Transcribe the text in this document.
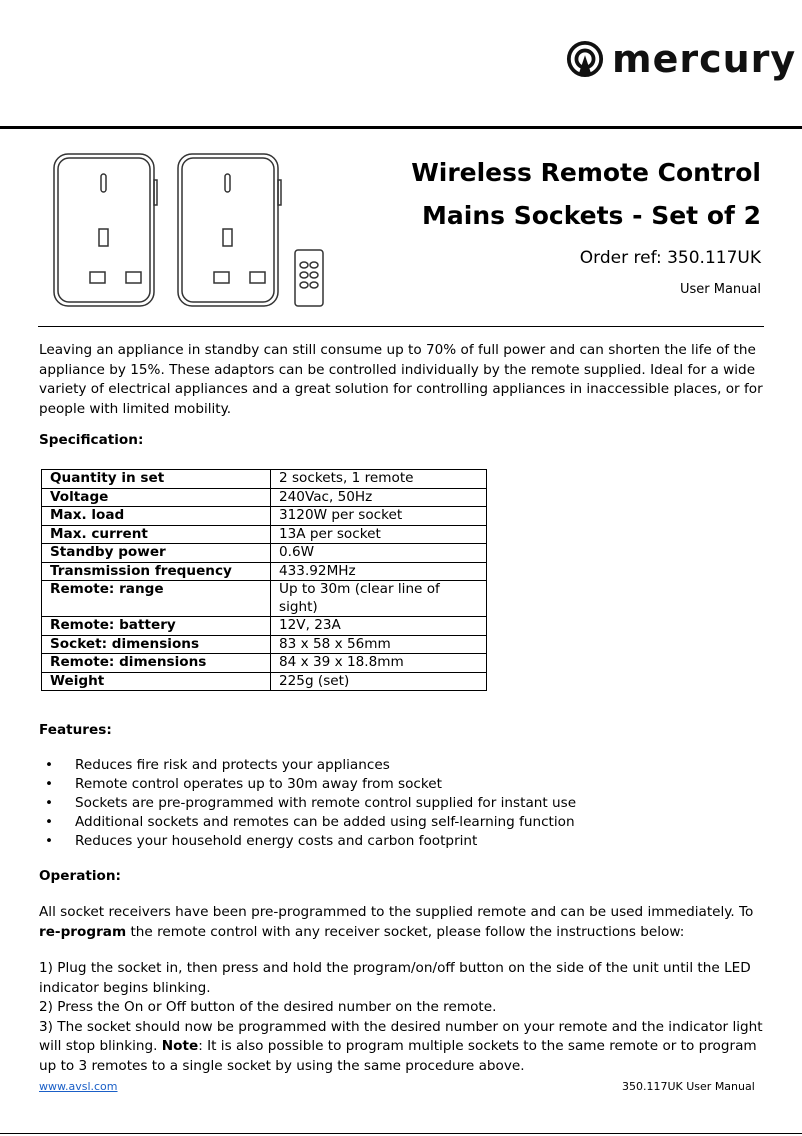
mercury
Wireless Remote Control
Mains Sockets - Set of 2
Order ref: 350.117UK
User Manual
Leaving an appliance in standby can still consume up to 70% of full power and can shorten the life of the appliance by 15%. These adaptors can be controlled individually by the remote supplied. Ideal for a wide variety of electrical appliances and a great solution for controlling appliances in inaccessible places, or for people with limited mobility.
Specification:
Quantity in set	2 sockets, 1 remote
Voltage	240Vac, 50Hz
Max. load	3120W per socket
Max. current	13A per socket
Standby power	0.6W
Transmission frequency	433.92MHz
Remote: range	Up to 30m (clear line of sight)
Remote: battery	12V, 23A
Socket: dimensions	83 x 58 x 56mm
Remote: dimensions	84 x 39 x 18.8mm
Weight	225g (set)
Features:
• Reduces fire risk and protects your appliances
• Remote control operates up to 30m away from socket
• Sockets are pre-programmed with remote control supplied for instant use
• Additional sockets and remotes can be added using self-learning function
• Reduces your household energy costs and carbon footprint
Operation:
All socket receivers have been pre-programmed to the supplied remote and can be used immediately. To re-program the remote control with any receiver socket, please follow the instructions below:

1) Plug the socket in, then press and hold the program/on/off button on the side of the unit until the LED indicator begins blinking.

2) Press the On or Off button of the desired number on the remote.

3) The socket should now be programmed with the desired number on your remote and the indicator light will stop blinking. Note: It is also possible to program multiple sockets to the same remote or to program up to 3 remotes to a single socket by using the same procedure above.

www.avsl.com	350.117UK User Manual
